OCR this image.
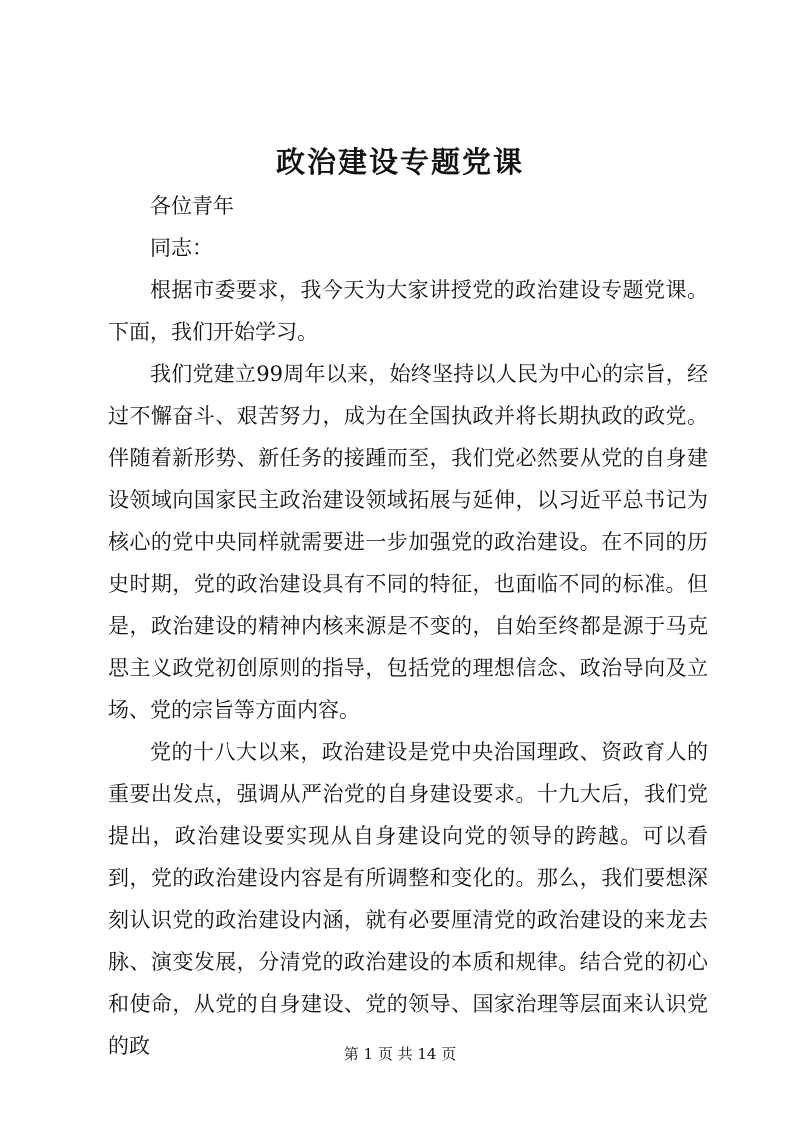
政治建设专题党课

各位青年

同志：

根据市委要求，我今天为大家讲授党的政治建设专题党课。下面，我们开始学习。

我们党建立99周年以来，始终坚持以人民为中心的宗旨，经过不懈奋斗、艰苦努力，成为在全国执政并将长期执政的政党。伴随着新形势、新任务的接踵而至，我们党必然要从党的自身建设领域向国家民主政治建设领域拓展与延伸，以习近平总书记为核心的党中央同样就需要进一步加强党的政治建设。在不同的历史时期，党的政治建设具有不同的特征，也面临不同的标准。但是，政治建设的精神内核来源是不变的，自始至终都是源于马克思主义政党初创原则的指导，包括党的理想信念、政治导向及立场、党的宗旨等方面内容。

党的十八大以来，政治建设是党中央治国理政、资政育人的重要出发点，强调从严治党的自身建设要求。十九大后，我们党提出，政治建设要实现从自身建设向党的领导的跨越。可以看到，党的政治建设内容是有所调整和变化的。那么，我们要想深刻认识党的政治建设内涵，就有必要厘清党的政治建设的来龙去脉、演变发展，分清党的政治建设的本质和规律。结合党的初心和使命，从党的自身建设、党的领导、国家治理等层面来认识党的政	第 1 页 共 14 页
